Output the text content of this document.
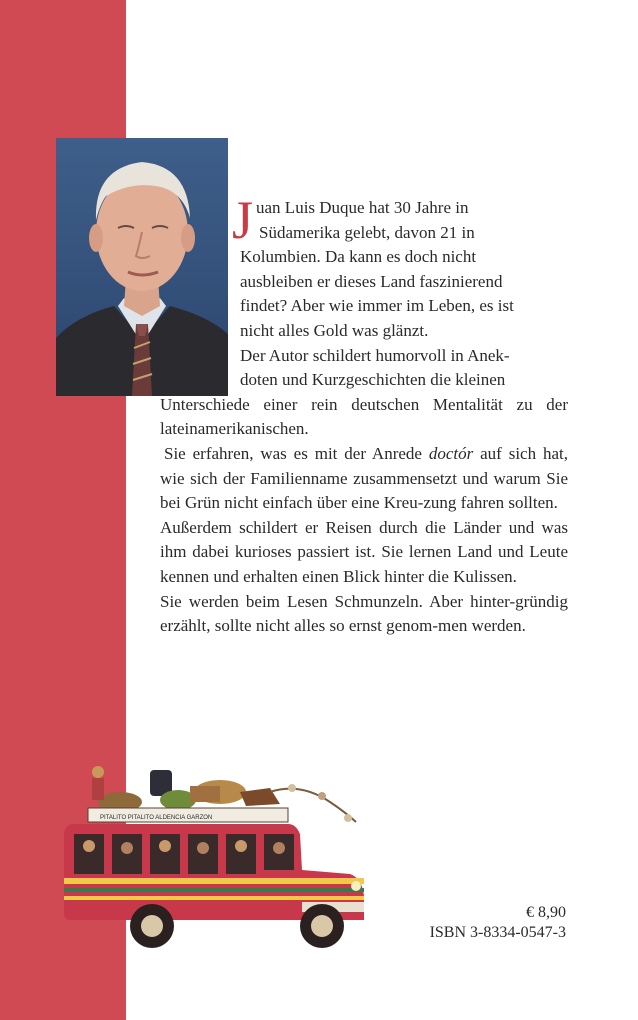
J uan Luis Duque hat 30 Jahre in
Südamerika gelebt, davon 21 in
Kolumbien. Da kann es doch nicht
ausbleiben er dieses Land faszinierend
findet? Aber wie immer im Leben, es ist
nicht alles Gold was glänzt.

Der Autor schildert humorvoll in Anek-
doten und Kurzgeschichten die kleinen
Unterschiede einer rein deutschen Mentalität zu der lateinamerikanischen.

Sie erfahren, was es mit der Anrede doctór auf sich hat, wie sich der Familienname zusammensetzt und warum Sie bei Grün nicht einfach über eine Kreu-zung fahren sollten.

Außerdem schildert er Reisen durch die Länder und was ihm dabei kurioses passiert ist. Sie lernen Land und Leute kennen und erhalten einen Blick hinter die Kulissen.

Sie werden beim Lesen Schmunzeln. Aber hinter-gründig erzählt, sollte nicht alles so ernst genom-men werden.

PITALITO PITALITO ALDENCIA GARZON
€ 8,90
ISBN 3-8334-0547-3
